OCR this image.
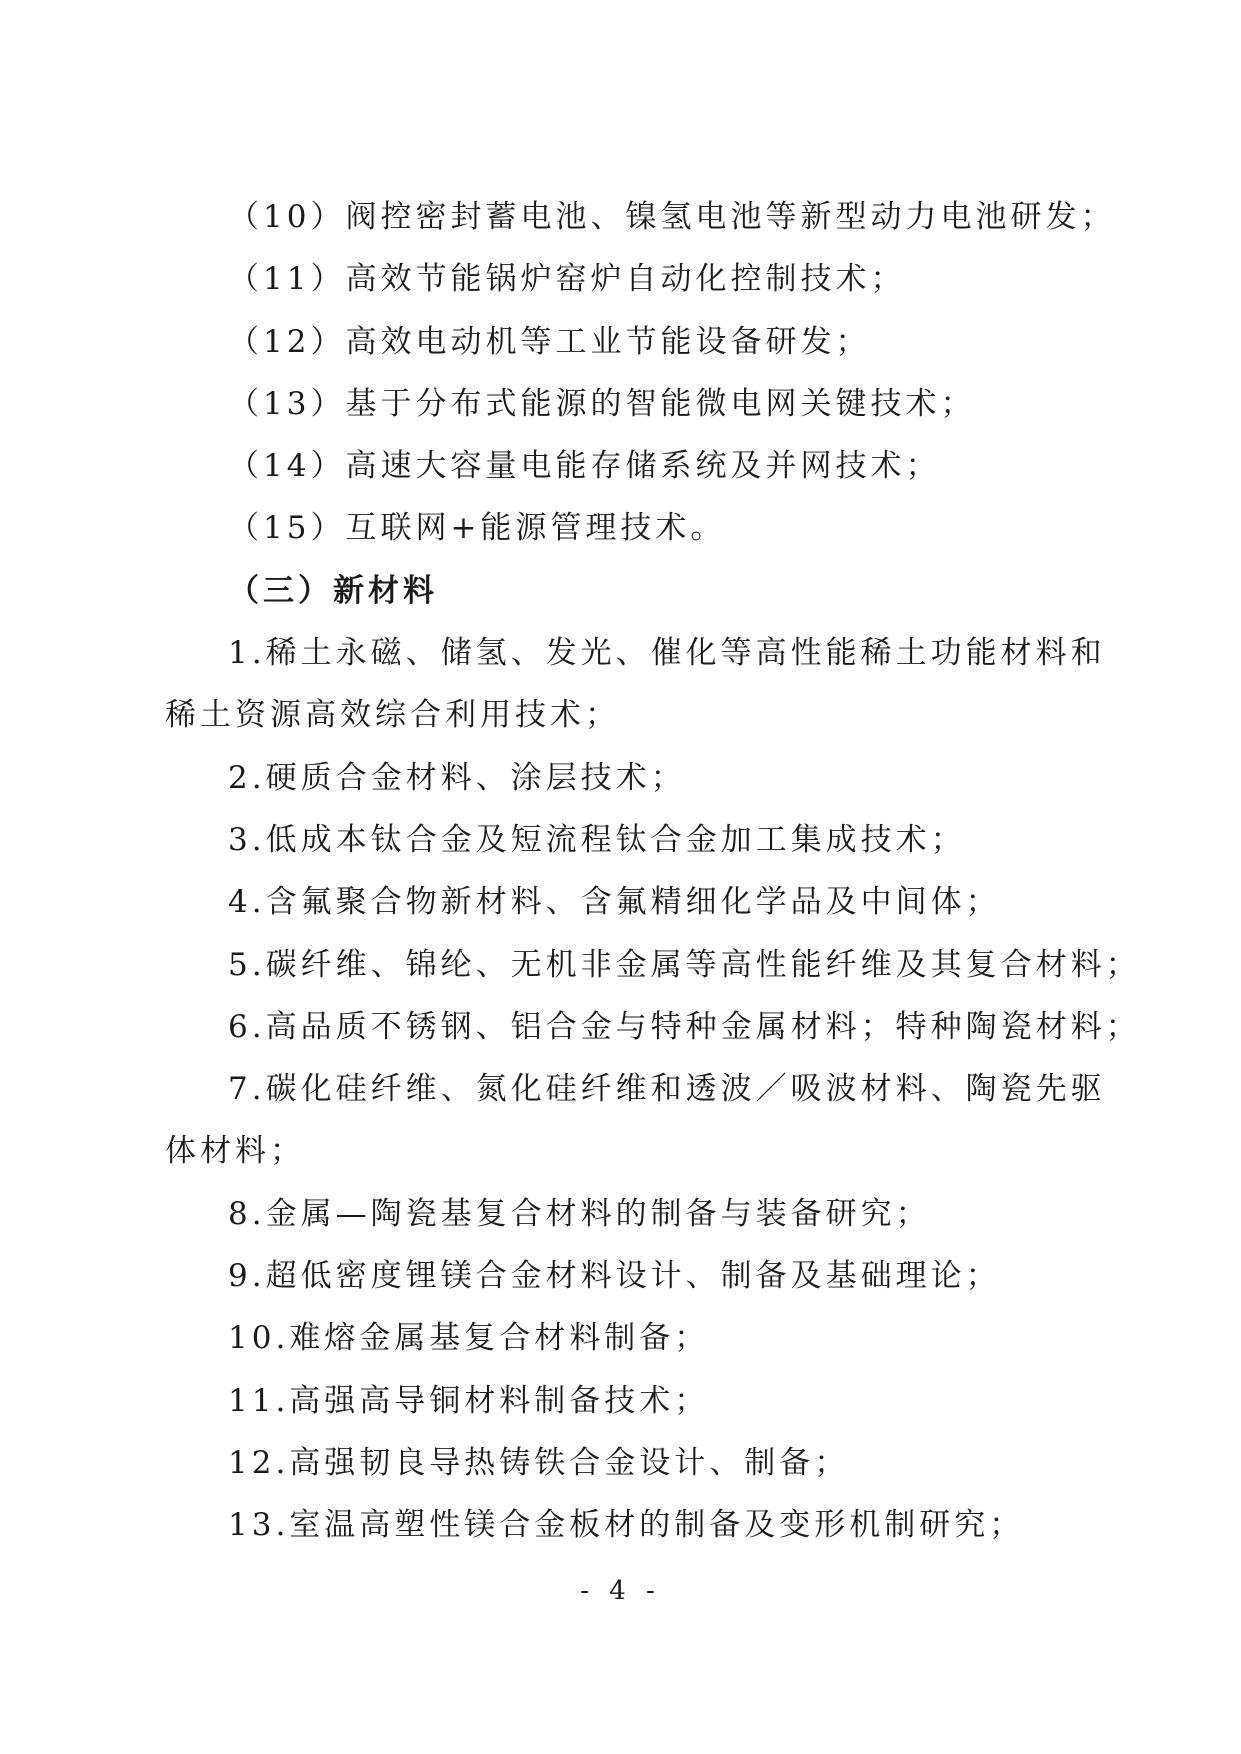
（10）阀控密封蓄电池、镍氢电池等新型动力电池研发；
（11）高效节能锅炉窑炉自动化控制技术；
（12）高效电动机等工业节能设备研发；
（13）基于分布式能源的智能微电网关键技术；
（14）高速大容量电能存储系统及并网技术；
（15）互联网+能源管理技术。
（三）新材料
1.稀土永磁、储氢、发光、催化等高性能稀土功能材料和
稀土资源高效综合利用技术；
2.硬质合金材料、涂层技术；
3.低成本钛合金及短流程钛合金加工集成技术；
4.含氟聚合物新材料、含氟精细化学品及中间体；
5.碳纤维、锦纶、无机非金属等高性能纤维及其复合材料；
6.高品质不锈钢、铝合金与特种金属材料；特种陶瓷材料；
7.碳化硅纤维、氮化硅纤维和透波／吸波材料、陶瓷先驱
体材料；
8.金属—陶瓷基复合材料的制备与装备研究；
9.超低密度锂镁合金材料设计、制备及基础理论；
10.难熔金属基复合材料制备；
11.高强高导铜材料制备技术；
12.高强韧良导热铸铁合金设计、制备；
13.室温高塑性镁合金板材的制备及变形机制研究；
- 4 -
